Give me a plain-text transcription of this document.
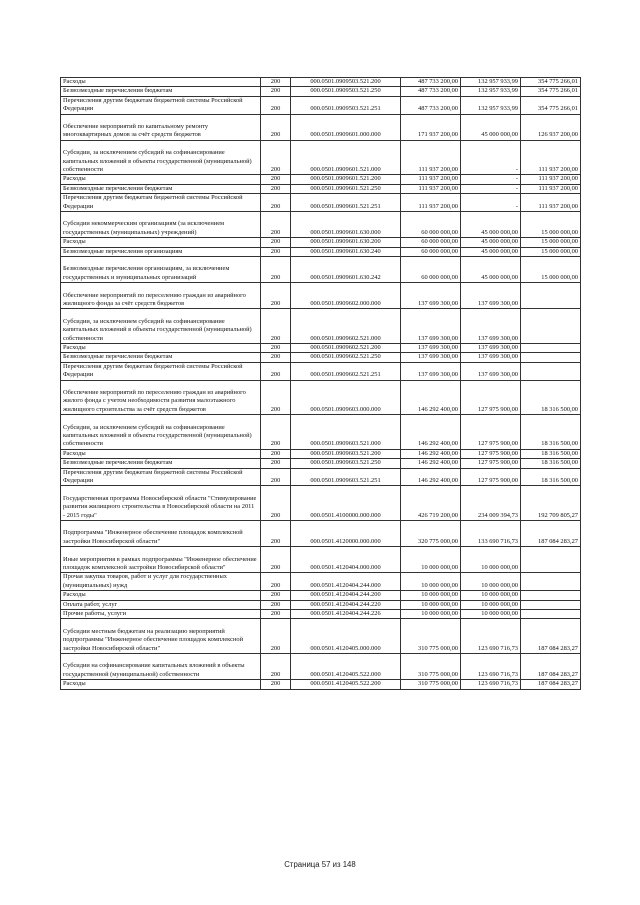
Расходы	200	000.0501.0909503.521.200	487 733 200,00	132 957 933,99	354 775 266,01
Безвозмездные перечисления бюджетам	200	000.0501.0909503.521.250	487 733 200,00	132 957 933,99	354 775 266,01
Перечисления другим бюджетам бюджетной системы Российской Федерации	200	000.0501.0909503.521.251	487 733 200,00	132 957 933,99	354 775 266,01
Обеспечение мероприятий по капитальному ремонту многоквартирных домов за счёт средств бюджетов	200	000.0501.0909601.000.000	171 937 200,00	45 000 000,00	126 937 200,00
Субсидии, за исключением субсидий на софинансирование капитальных вложений в объекты государственной (муниципальной) собственности	200	000.0501.0909601.521.000	111 937 200,00	-	111 937 200,00
Расходы	200	000.0501.0909601.521.200	111 937 200,00	-	111 937 200,00
Безвозмездные перечисления бюджетам	200	000.0501.0909601.521.250	111 937 200,00	-	111 937 200,00
Перечисления другим бюджетам бюджетной системы Российской Федерации	200	000.0501.0909601.521.251	111 937 200,00	-	111 937 200,00
Субсидии некоммерческим организациям (за исключением государственных (муниципальных) учреждений)	200	000.0501.0909601.630.000	60 000 000,00	45 000 000,00	15 000 000,00
Расходы	200	000.0501.0909601.630.200	60 000 000,00	45 000 000,00	15 000 000,00
Безвозмездные перечисления организациям	200	000.0501.0909601.630.240	60 000 000,00	45 000 000,00	15 000 000,00
Безвозмездные перечисления организациям, за исключением государственных и муниципальных организаций	200	000.0501.0909601.630.242	60 000 000,00	45 000 000,00	15 000 000,00
Обеспечение мероприятий по переселению граждан из аварийного жилищного фонда за счёт средств бюджетов	200	000.0501.0909602.000.000	137 699 300,00	137 699 300,00	
Субсидии, за исключением субсидий на софинансирование капитальных вложений в объекты государственной (муниципальной) собственности	200	000.0501.0909602.521.000	137 699 300,00	137 699 300,00	
Расходы	200	000.0501.0909602.521.200	137 699 300,00	137 699 300,00	
Безвозмездные перечисления бюджетам	200	000.0501.0909602.521.250	137 699 300,00	137 699 300,00	
Перечисления другим бюджетам бюджетной системы Российской Федерации	200	000.0501.0909602.521.251	137 699 300,00	137 699 300,00	
Обеспечение мероприятий по переселению граждан из аварийного жилого фонда с учетом необходимости развития малоэтажного жилищного строительства за счёт средств бюджетов	200	000.0501.0909603.000.000	146 292 400,00	127 975 900,00	18 316 500,00
Субсидии, за исключением субсидий на софинансирование капитальных вложений в объекты государственной (муниципальной) собственности	200	000.0501.0909603.521.000	146 292 400,00	127 975 900,00	18 316 500,00
Расходы	200	000.0501.0909603.521.200	146 292 400,00	127 975 900,00	18 316 500,00
Безвозмездные перечисления бюджетам	200	000.0501.0909603.521.250	146 292 400,00	127 975 900,00	18 316 500,00
Перечисления другим бюджетам бюджетной системы Российской Федерации	200	000.0501.0909603.521.251	146 292 400,00	127 975 900,00	18 316 500,00
Государственная программа Новосибирской области "Стимулирование развития жилищного строительства в Новосибирской области на 2011 - 2015 годы"	200	000.0501.4100000.000.000	426 719 200,00	234 009 394,73	192 709 805,27
Подпрограмма "Инженерное обеспечение площадок комплексной застройки Новосибирской области"	200	000.0501.4120000.000.000	320 775 000,00	133 690 716,73	187 084 283,27
Иные мероприятия в рамках подпрограммы "Инженерное обеспечение площадок комплексной застройки Новосибирской области"	200	000.0501.4120404.000.000	10 000 000,00	10 000 000,00	
Прочая закупка товаров, работ и услуг для государственных (муниципальных) нужд	200	000.0501.4120404.244.000	10 000 000,00	10 000 000,00	
Расходы	200	000.0501.4120404.244.200	10 000 000,00	10 000 000,00	
Оплата работ, услуг	200	000.0501.4120404.244.220	10 000 000,00	10 000 000,00	
Прочие работы, услуги	200	000.0501.4120404.244.226	10 000 000,00	10 000 000,00	
Субсидии местным бюджетам на реализацию мероприятий подпрограммы "Инженерное обеспечение площадок комплексной застройки Новосибирской области"	200	000.0501.4120405.000.000	310 775 000,00	123 690 716,73	187 084 283,27
Субсидии на софинансирование капитальных вложений в объекты государственной (муниципальной) собственности	200	000.0501.4120405.522.000	310 775 000,00	123 690 716,73	187 084 283,27
Расходы	200	000.0501.4120405.522.200	310 775 000,00	123 690 716,73	187 084 283,27
Страница 57 из 148
